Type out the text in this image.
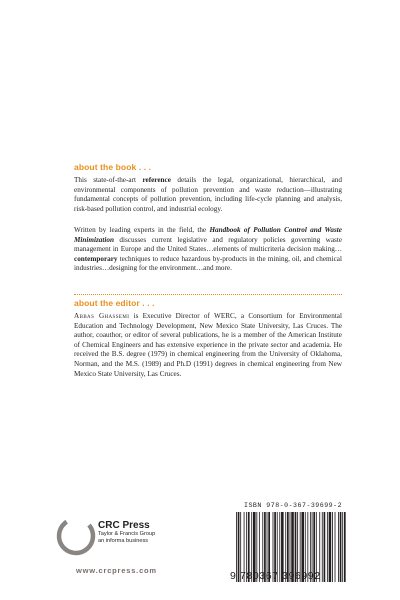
about the book . . .

This state-of-the-art reference details the legal, organizational, hierarchical, and environmental components of pollution prevention and waste reduction—illustrating fundamental concepts of pollution prevention, including life-cycle planning and analysis, risk-based pollution control, and industrial ecology.

Written by leading experts in the field, the Handbook of Pollution Control and Waste Minimization discusses current legislative and regulatory policies governing waste management in Europe and the United States…elements of multicriteria decision making…contemporary techniques to reduce hazardous by-products in the mining, oil, and chemical industries…designing for the environment…and more.

about the editor . . .

Abbas Ghassemi is Executive Director of WERC, a Consortium for Environmental Education and Technology Development, New Mexico State University, Las Cruces. The author, coauthor, or editor of several publications, he is a member of the American Institute of Chemical Engineers and has extensive experience in the private sector and academia. He received the B.S. degree (1979) in chemical engineering from the University of Oklahoma, Norman, and the M.S. (1989) and Ph.D (1991) degrees in chemical engineering from New Mexico State University, Las Cruces.

CRC
CRC Press
Taylor & Francis Group
an informa business
www.crcpress.com
ISBN 978-0-367-39699-2
9 780367 396992
